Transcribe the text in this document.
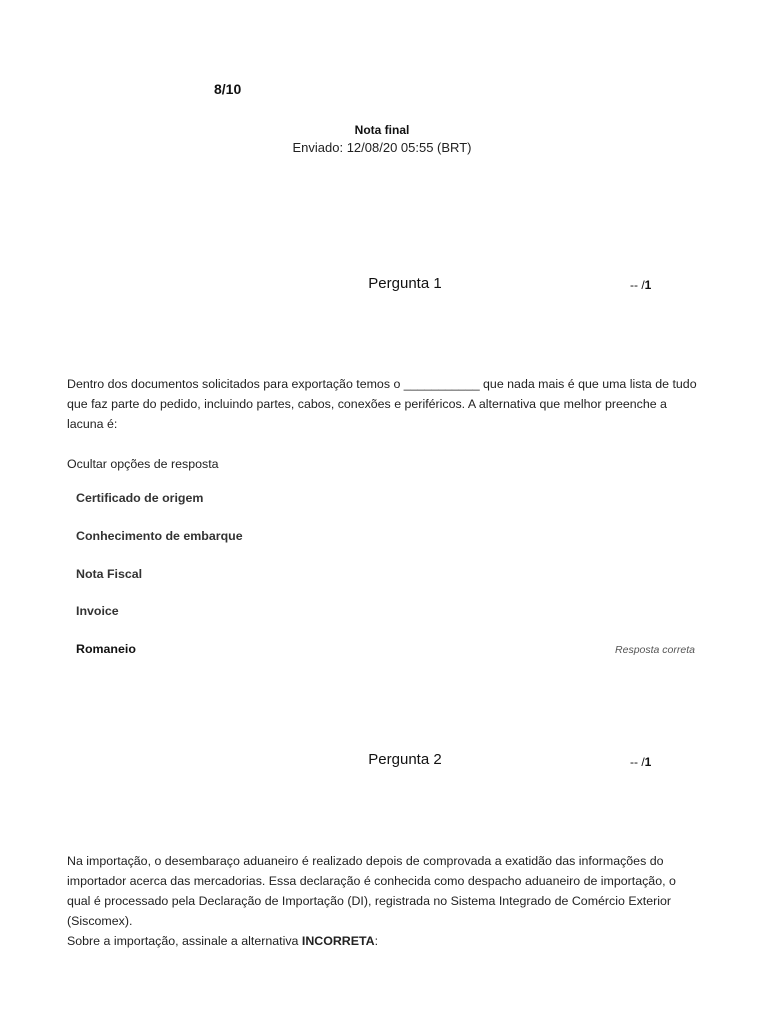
8/10
Nota final
Enviado: 12/08/20 05:55 (BRT)
Pergunta 1	-- /1

Dentro dos documentos solicitados para exportação temos o ___________ que nada mais é que uma lista de tudo que faz parte do pedido, incluindo partes, cabos, conexões e periféricos. A alternativa que melhor preenche a lacuna é:

Ocultar opções de resposta
Certificado de origem
Conhecimento de embarque
Nota Fiscal
Invoice
Romaneio	Resposta correta
Pergunta 2	-- /1

Na importação, o desembaraço aduaneiro é realizado depois de comprovada a exatidão das informações do importador acerca das mercadorias. Essa declaração é conhecida como despacho aduaneiro de importação, o qual é processado pela Declaração de Importação (DI), registrada no Sistema Integrado de Comércio Exterior (Siscomex).

Sobre a importação, assinale a alternativa INCORRETA:
